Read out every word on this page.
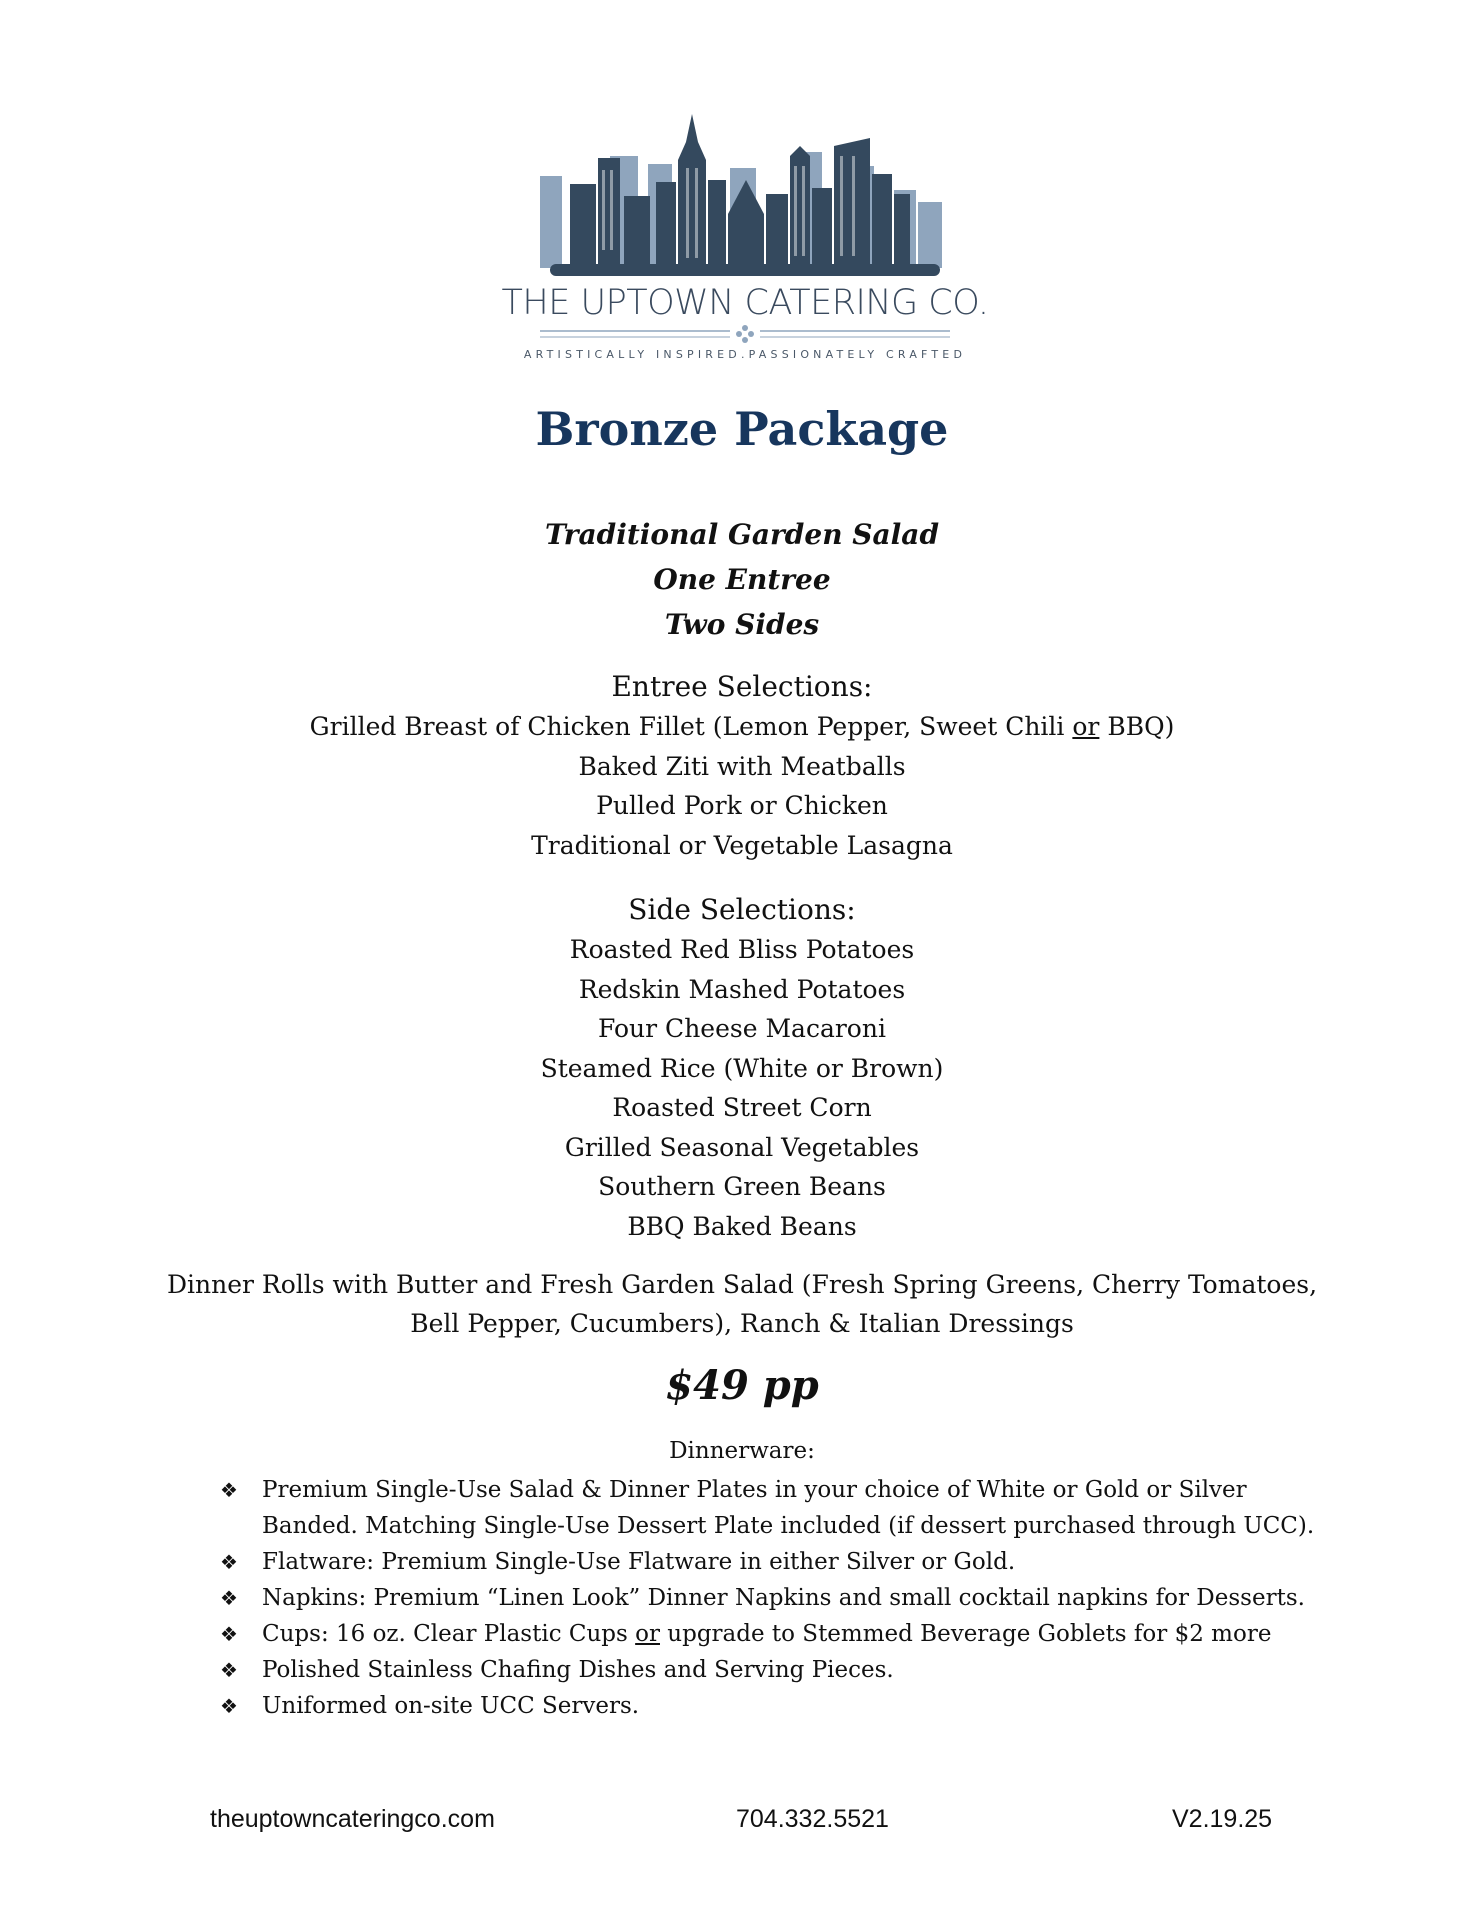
THE UPTOWN CATERING CO.
ARTISTICALLY INSPIRED.PASSIONATELY CRAFTED
Bronze Package
Traditional Garden Salad
One Entree
Two Sides
Entree Selections:
Grilled Breast of Chicken Fillet (Lemon Pepper, Sweet Chili or BBQ)
Baked Ziti with Meatballs
Pulled Pork or Chicken
Traditional or Vegetable Lasagna
Side Selections:
Roasted Red Bliss Potatoes
Redskin Mashed Potatoes
Four Cheese Macaroni
Steamed Rice (White or Brown)
Roasted Street Corn
Grilled Seasonal Vegetables
Southern Green Beans
BBQ Baked Beans
Dinner Rolls with Butter and Fresh Garden Salad (Fresh Spring Greens, Cherry Tomatoes,
Bell Pepper, Cucumbers), Ranch & Italian Dressings
$49 pp
Dinnerware:
❖ Premium Single-Use Salad & Dinner Plates in your choice of White or Gold or Silver Banded. Matching Single-Use Dessert Plate included (if dessert purchased through UCC).
❖ Flatware: Premium Single-Use Flatware in either Silver or Gold.
❖ Napkins: Premium “Linen Look” Dinner Napkins and small cocktail napkins for Desserts.
❖ Cups: 16 oz. Clear Plastic Cups or upgrade to Stemmed Beverage Goblets for $2 more
❖ Polished Stainless Chafing Dishes and Serving Pieces.
❖ Uniformed on-site UCC Servers.
theuptowncateringco.com	704.332.5521	V2.19.25
